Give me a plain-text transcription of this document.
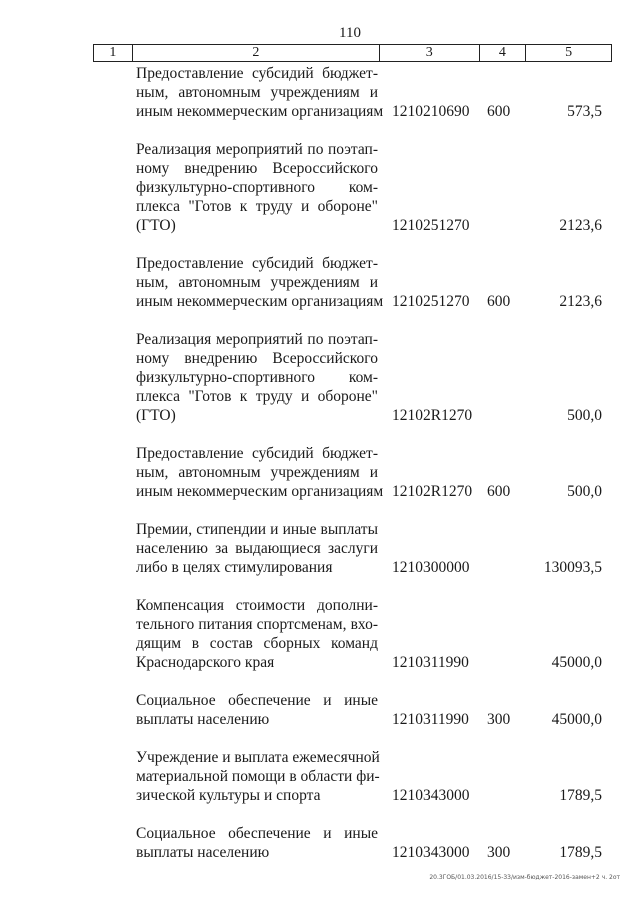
110
1	2	3	4	5
Предоставление субсидий бюджет-
ным, автономным учреждениям и
иным некоммерческим организациям 1210210690 600	573,5
Реализация мероприятий по поэтап-
ному внедрению Всероссийского
физкультурно-спортивного ком-
плекса "Готов к труду и обороне"
(ГТО)	1210251270	2123,6
Предоставление субсидий бюджет-
ным, автономным учреждениям и
иным некоммерческим организациям 1210251270 600	2123,6
Реализация мероприятий по поэтап-
ному внедрению Всероссийского
физкультурно-спортивного ком-
плекса "Готов к труду и обороне"
(ГТО)	12102R1270	500,0
Предоставление субсидий бюджет-
ным, автономным учреждениям и
иным некоммерческим организациям 12102R1270 600	500,0
Премии, стипендии и иные выплаты
населению за выдающиеся заслуги
либо в целях стимулирования	1210300000	130093,5
Компенсация стоимости дополни-
тельного питания спортсменам, вхо-
дящим в состав сборных команд
Краснодарского края	1210311990	45000,0
Социальное обеспечение и иные
выплаты населению	1210311990 300	45000,0
Учреждение и выплата ежемесячной
материальной помощи в области фи-
зической культуры и спорта	1210343000	1789,5
Социальное обеспечение и иные
выплаты населению	1210343000 300	1789,5
20.3ГОБ/01.03.2016/15-33/изм-бюджет-2016-замен+2 ч. 2от
